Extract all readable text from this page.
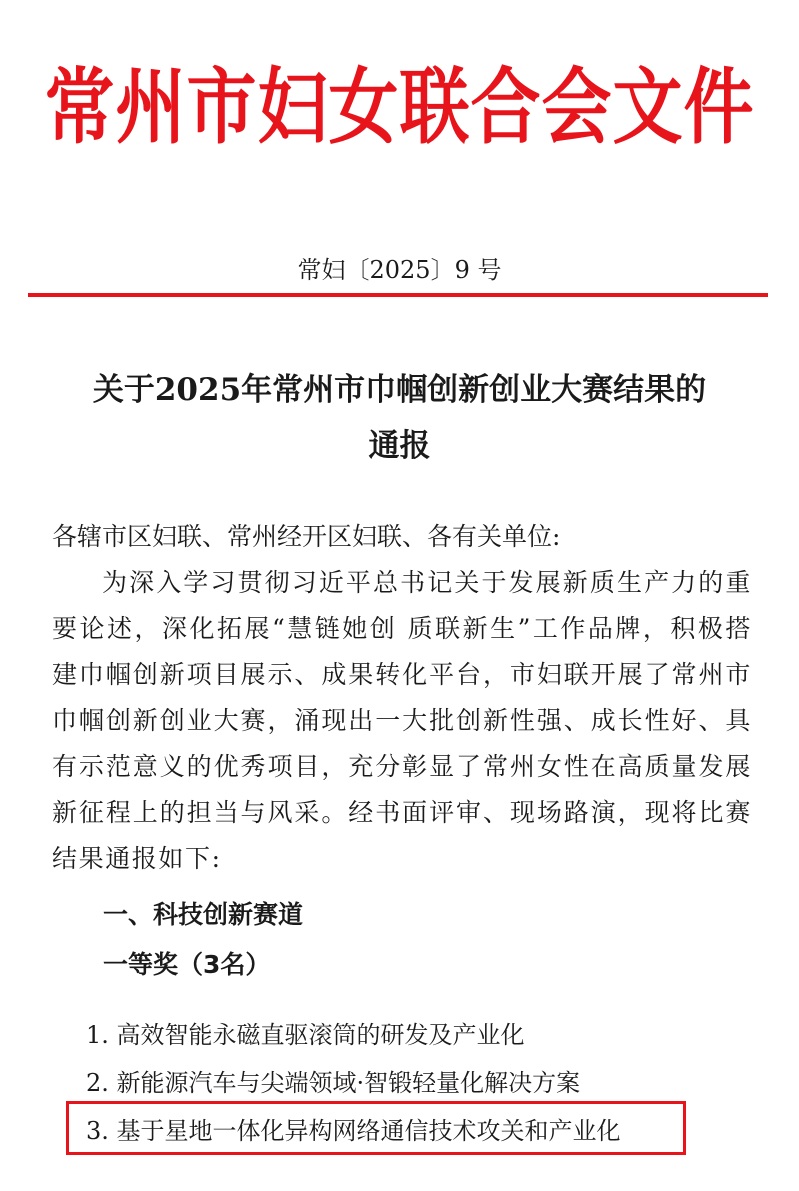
常州市妇女联合会文件
常妇〔2025〕9 号
关于2025年常州市巾帼创新创业大赛结果的
通报
各辖市区妇联、常州经开区妇联、各有关单位:
为深入学习贯彻习近平总书记关于发展新质生产力的重要论述，深化拓展“慧链她创 质联新生”工作品牌，积极搭建巾帼创新项目展示、成果转化平台，市妇联开展了常州市巾帼创新创业大赛，涌现出一大批创新性强、成长性好、具有示范意义的优秀项目，充分彰显了常州女性在高质量发展新征程上的担当与风采。经书面评审、现场路演，现将比赛结果通报如下:
一、科技创新赛道
一等奖（3名）
1. 高效智能永磁直驱滚筒的研发及产业化
2. 新能源汽车与尖端领域·智锻轻量化解决方案
3. 基于星地一体化异构网络通信技术攻关和产业化
